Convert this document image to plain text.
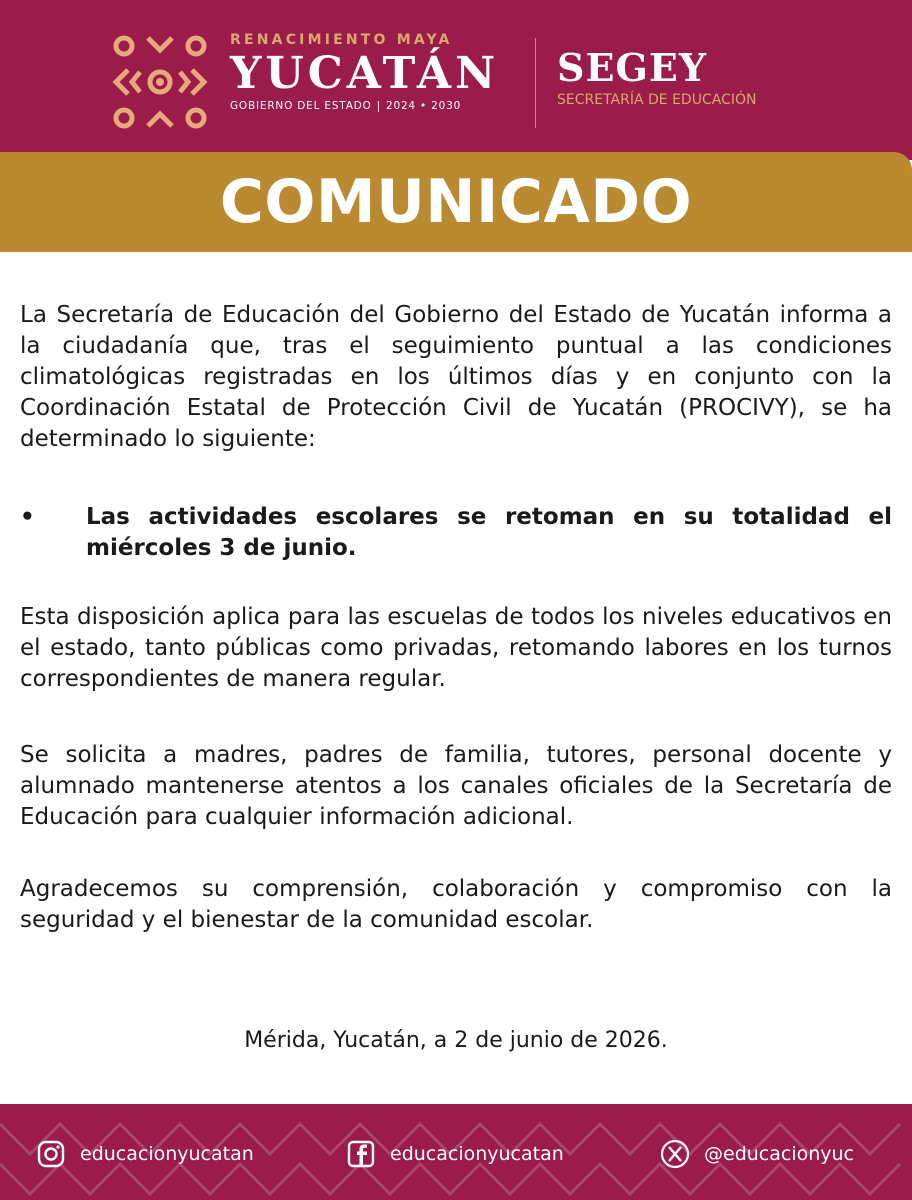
RENACIMIENTO MAYA
YUCATÁN
GOBIERNO DEL ESTADO | 2024 • 2030
SEGEY
SECRETARÍA DE EDUCACIÓN
COMUNICADO

La Secretaría de Educación del Gobierno del Estado de Yucatán informa a la ciudadanía que, tras el seguimiento puntual a las condiciones climatológicas registradas en los últimos días y en conjunto con la Coordinación Estatal de Protección Civil de Yucatán (PROCIVY), se ha determinado lo siguiente:

•	Las actividades escolares se retoman en su totalidad el miércoles 3 de junio.

Esta disposición aplica para las escuelas de todos los niveles educativos en el estado, tanto públicas como privadas, retomando labores en los turnos correspondientes de manera regular.

Se solicita a madres, padres de familia, tutores, personal docente y alumnado mantenerse atentos a los canales oficiales de la Secretaría de Educación para cualquier información adicional.

Agradecemos su comprensión, colaboración y compromiso con la seguridad y el bienestar de la comunidad escolar.

Mérida, Yucatán, a 2 de junio de 2026.
educacionyucatan	educacionyucatan	@educacionyuc
